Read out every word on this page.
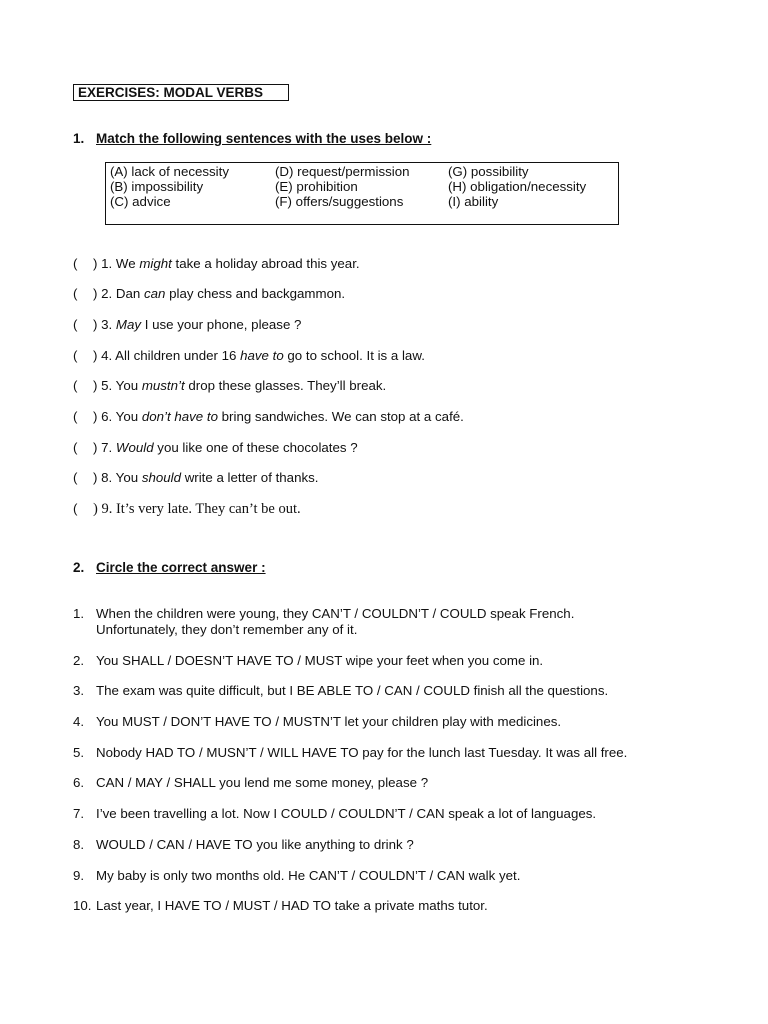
EXERCISES: MODAL VERBS
1. Match the following sentences with the uses below :
(A) lack of necessity
(B) impossibility
(C) advice
(D) request/permission
(E) prohibition
(F) offers/suggestions
(G) possibility
(H) obligation/necessity
(I) ability
( ) 1. We might take a holiday abroad this year.
( ) 2. Dan can play chess and backgammon.
( ) 3. May I use your phone, please ?
( ) 4. All children under 16 have to go to school. It is a law.
( ) 5. You mustn’t drop these glasses. They’ll break.
( ) 6. You don’t have to bring sandwiches. We can stop at a café.
( ) 7. Would you like one of these chocolates ?
( ) 8. You should write a letter of thanks.
( ) 9. It’s very late. They can’t be out.
2. Circle the correct answer :
1. When the children were young, they CAN’T / COULDN’T / COULD speak French.
Unfortunately, they don’t remember any of it.
2. You SHALL / DOESN’T HAVE TO / MUST wipe your feet when you come in.
3. The exam was quite difficult, but I BE ABLE TO / CAN / COULD finish all the questions.
4. You MUST / DON’T HAVE TO / MUSTN’T let your children play with medicines.
5. Nobody HAD TO / MUSN’T / WILL HAVE TO pay for the lunch last Tuesday. It was all free.
6. CAN / MAY / SHALL you lend me some money, please ?
7. I’ve been travelling a lot. Now I COULD / COULDN’T / CAN speak a lot of languages.
8. WOULD / CAN / HAVE TO you like anything to drink ?
9. My baby is only two months old. He CAN’T / COULDN’T / CAN walk yet.
10. Last year, I HAVE TO / MUST / HAD TO take a private maths tutor.
